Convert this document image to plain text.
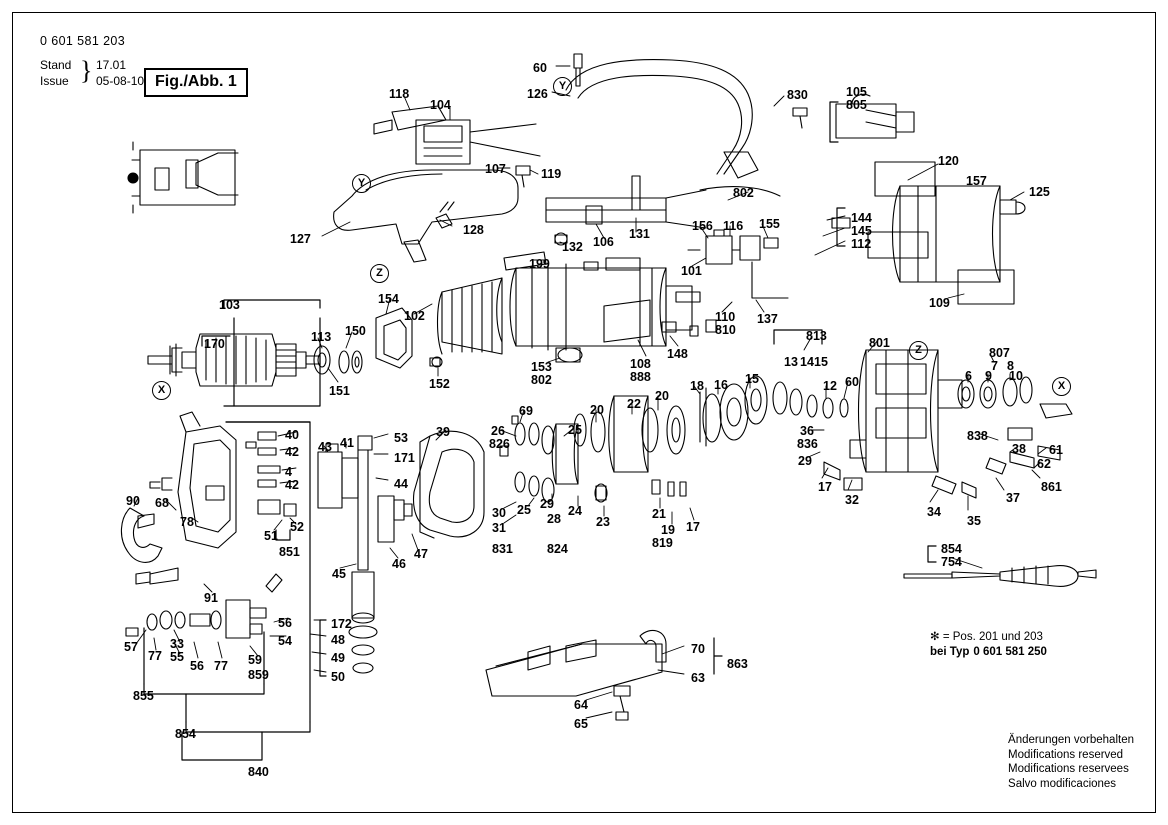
0 601 581 203
Stand
Issue } 17.01
05-08-10 Fig./Abb. 1
X	X
Y
Y
Z
Z
60
126	830	105
805
118
104
107	119
120
157
125
802
156 116 155	144
145
112
128
127
132 106
131
199	101
109
103
102
154
170	113 150
151	152
153
802
108
888
148
110
810
137
813
13 14 15
801
807
7 8
6 9 10
12 60
18 16 15
20 22
20
69
26
826
25
39	36
836
838
38 61
62
861
37
35
34
29
17
32
40
42
4
42
43 41	53
171
44
90 68
78
51
52
851
45
46
47
91
30
31
831
25 29 24
28
824
23
21
19 17
819
172
48
49
50
56
54
59
859
57
77
33
55
56 77
855
854
840
70
863
63
64
65
854
754
✻ = Pos. 201 und 203
bei Typ 0 601 581 250
Änderungen vorbehalten
Modifications reserved
Modifications reservees
Salvo modificaciones
